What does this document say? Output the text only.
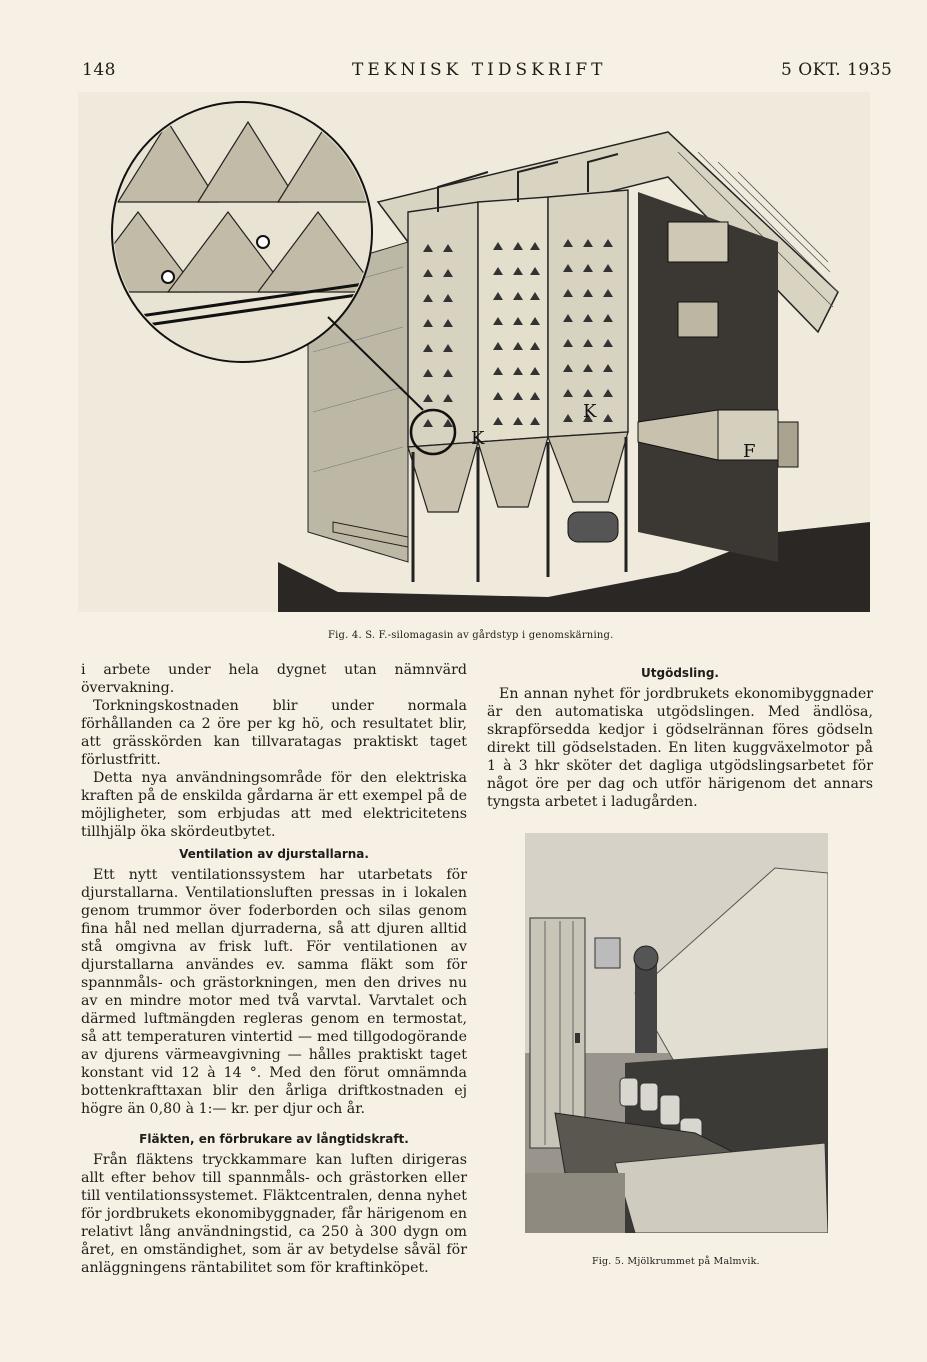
148	TEKNISK TIDSKRIFT	5 OKT. 1935
K
K
F
Fig. 4. S. F.-silomagasin av gårdstyp i genomskärning.

i arbete under hela dygnet utan nämnvärd övervakning.

Torkningskostnaden blir under normala förhållanden ca 2 öre per kg hö, och resultatet blir, att grässkörden kan tillvaratagas praktiskt taget förlustfritt.

Detta nya användningsområde för den elektriska kraften på de enskilda gårdarna är ett exempel på de möjligheter, som erbjudas att med elektricitetens tillhjälp öka skördeutbytet.

Utgödsling.

En annan nyhet för jordbrukets ekonomibyggnader är den automatiska utgödslingen. Med ändlösa, skrapförsedda kedjor i gödselrännan föres gödseln direkt till gödselstaden. En liten kuggväxelmotor på 1 à 3 hkr sköter det dagliga utgödslingsarbetet för något öre per dag och utför härigenom det annars tyngsta arbetet i ladugården.

Ventilation av djurstallarna.

Ett nytt ventilationssystem har utarbetats för djurstallarna. Ventilationsluften pressas in i lokalen genom trummor över foderborden och silas genom fina hål ned mellan djurraderna, så att djuren alltid stå omgivna av frisk luft. För ventilationen av djurstallarna användes ev. samma fläkt som för spannmåls- och grästorkningen, men den drives nu av en mindre motor med två varvtal. Varvtalet och därmed luftmängden regleras genom en termostat, så att temperaturen vintertid — med tillgodogörande av djurens värmeavgivning — hålles praktiskt taget konstant vid 12 à 14 °. Med den förut omnämnda bottenkrafttaxan blir den årliga driftkostnaden ej högre än 0,80 à 1:— kr. per djur och år.

Fläkten, en förbrukare av långtidskraft.

Från fläktens tryckkammare kan luften dirigeras allt efter behov till spannmåls- och grästorken eller till ventilationssystemet. Fläktcentralen, denna nyhet för jordbrukets ekonomibyggnader, får härigenom en relativt lång användningstid, ca 250 à 300 dygn om året, en omständighet, som är av betydelse såväl för anläggningens räntabilitet som för kraftinköpet.	Fig. 5. Mjölkrummet på Malmvik.
